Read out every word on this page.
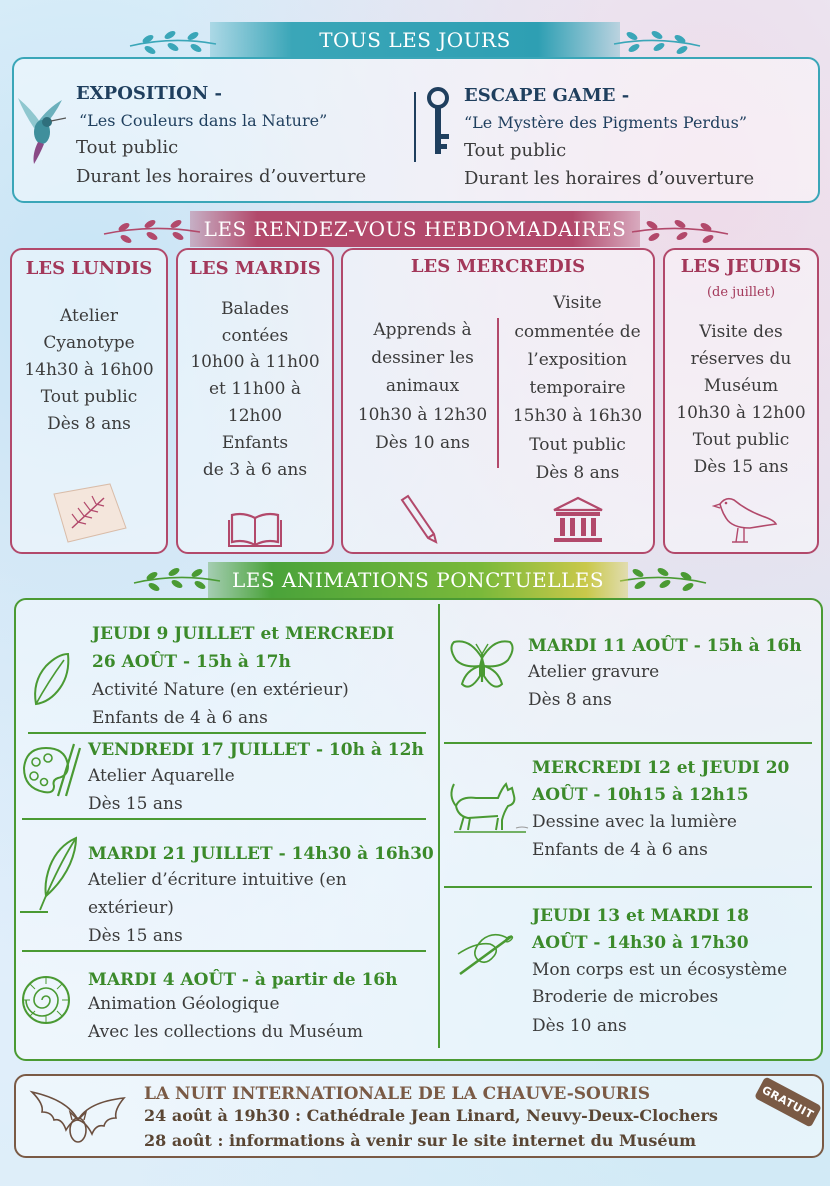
TOUS LES JOURS
EXPOSITION -
“Les Couleurs dans la Nature”
Tout public
Durant les horaires d’ouverture
ESCAPE GAME -
“Le Mystère des Pigments Perdus”
Tout public
Durant les horaires d’ouverture
LES RENDEZ-VOUS HEBDOMADAIRES
LES LUNDIS
Atelier
Cyanotype
14h30 à 16h00
Tout public
Dès 8 ans
LES MARDIS
Balades
contées
10h00 à 11h00
et 11h00 à
12h00
Enfants
de 3 à 6 ans
LES MERCREDIS
Apprends à
dessiner les
animaux
10h30 à 12h30
Dès 10 ans
Visite
commentée de
l’exposition
temporaire
15h30 à 16h30
Tout public
Dès 8 ans
LES JEUDIS
(de juillet)
Visite des
réserves du
Muséum
10h30 à 12h00
Tout public
Dès 15 ans
LES ANIMATIONS PONCTUELLES
JEUDI 9 JUILLET et MERCREDI
26 AOÛT - 15h à 17h
Activité Nature (en extérieur)
Enfants de 4 à 6 ans
VENDREDI 17 JUILLET - 10h à 12h
Atelier Aquarelle
Dès 15 ans
MARDI 21 JUILLET - 14h30 à 16h30
Atelier d’écriture intuitive (en
extérieur)
Dès 15 ans
MARDI 4 AOÛT - à partir de 16h
Animation Géologique
Avec les collections du Muséum
MARDI 11 AOÛT - 15h à 16h
Atelier gravure
Dès 8 ans
MERCREDI 12 et JEUDI 20
AOÛT - 10h15 à 12h15
Dessine avec la lumière
Enfants de 4 à 6 ans
JEUDI 13 et MARDI 18
AOÛT - 14h30 à 17h30
Mon corps est un écosystème
Broderie de microbes
Dès 10 ans
LA NUIT INTERNATIONALE DE LA CHAUVE-SOURIS
24 août à 19h30 : Cathédrale Jean Linard, Neuvy-Deux-Clochers
28 août : informations à venir sur le site internet du Muséum
GRATUIT
